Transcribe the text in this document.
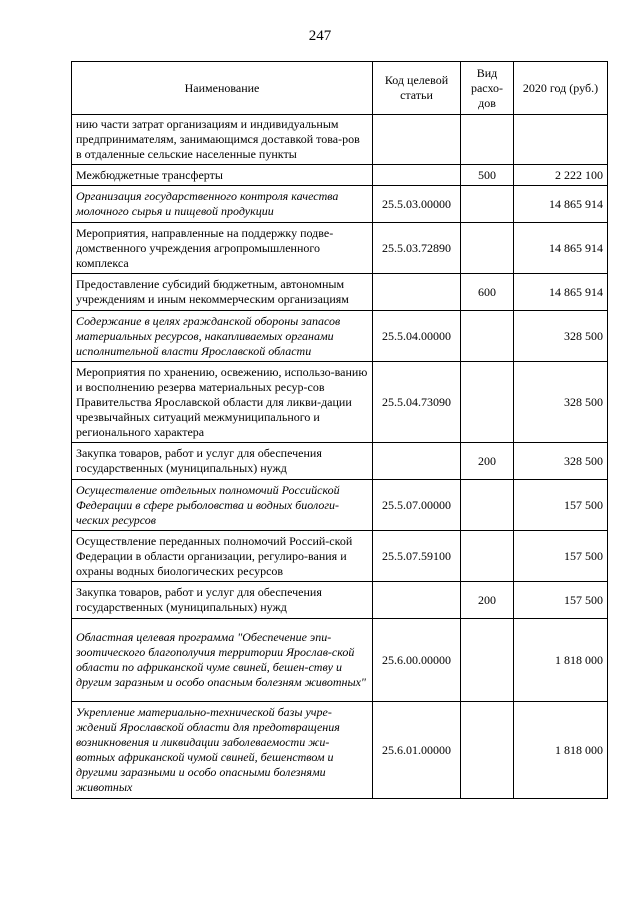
247
Наименование	Код целевой статьи	Вид расхо-дов	2020 год (руб.)
нию части затрат организациям и индивидуальным предпринимателям, занимающимся доставкой това-ров в отдаленные сельские населенные пункты			
Межбюджетные трансферты		500	2 222 100
Организация государственного контроля качества молочного сырья и пищевой продукции	25.5.03.00000		14 865 914
Мероприятия, направленные на поддержку подве-домственного учреждения агропромышленного комплекса	25.5.03.72890		14 865 914
Предоставление субсидий бюджетным, автономным учреждениям и иным некоммерческим организациям		600	14 865 914
Содержание в целях гражданской обороны запасов материальных ресурсов, накапливаемых органами исполнительной власти Ярославской области	25.5.04.00000		328 500
Мероприятия по хранению, освежению, использо-ванию и восполнению резерва материальных ресур-сов Правительства Ярославской области для ликви-дации чрезвычайных ситуаций межмуниципального и регионального характера	25.5.04.73090		328 500
Закупка товаров, работ и услуг для обеспечения государственных (муниципальных) нужд		200	328 500
Осуществление отдельных полномочий Российской Федерации в сфере рыболовства и водных биологи-ческих ресурсов	25.5.07.00000		157 500
Осуществление переданных полномочий Россий-ской Федерации в области организации, регулиро-вания и охраны водных биологических ресурсов	25.5.07.59100		157 500
Закупка товаров, работ и услуг для обеспечения государственных (муниципальных) нужд		200	157 500
Областная целевая программа "Обеспечение эпи-зоотического благополучия территории Ярослав-ской области по африканской чуме свиней, бешен-ству и другим заразным и особо опасным болезням животных"	25.6.00.00000		1 818 000
Укрепление материально-технической базы учре-ждений Ярославской области для предотвращения возникновения и ликвидации заболеваемости жи-вотных африканской чумой свиней, бешенством и другими заразными и особо опасными болезнями животных	25.6.01.00000		1 818 000
